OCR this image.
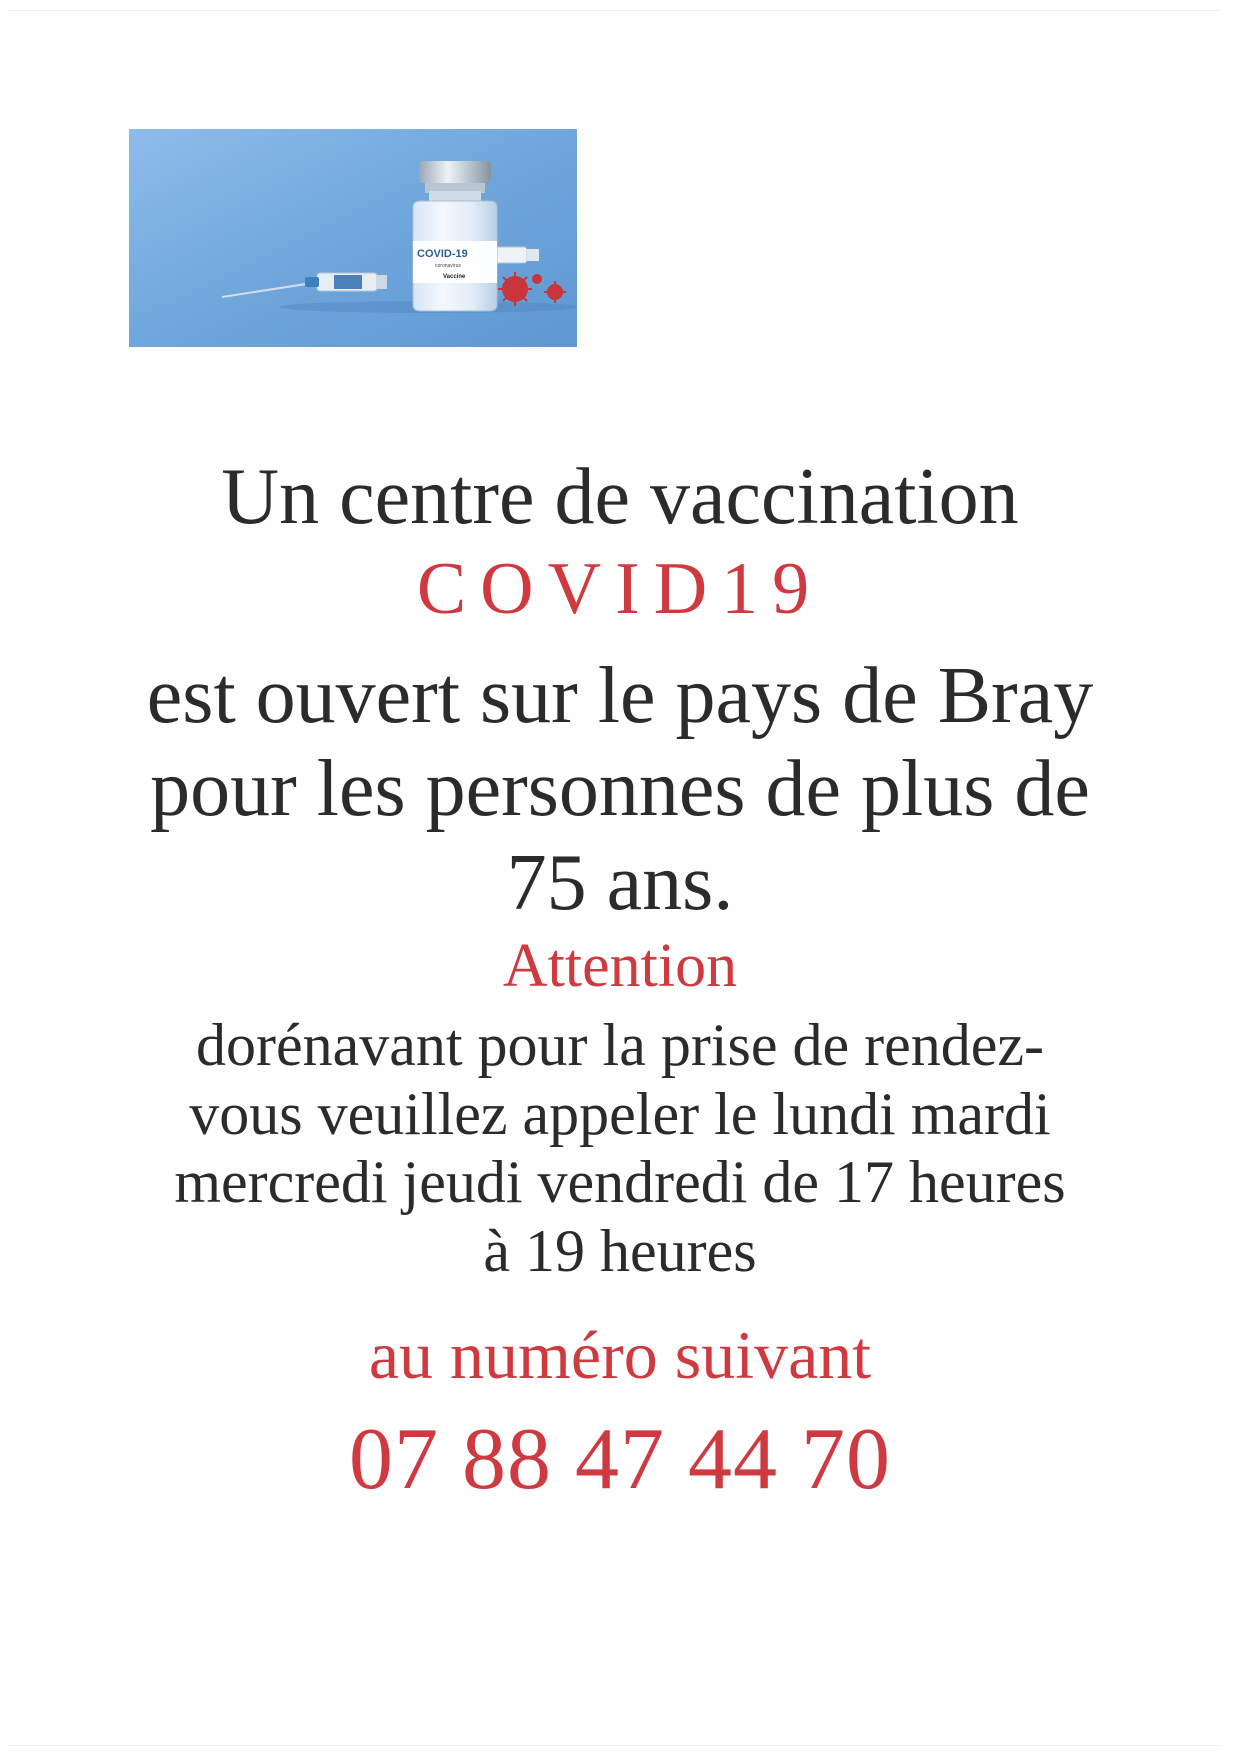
COVID-19
coronavirus
Vaccine
Un centre de vaccination
COVID19
est ouvert sur le pays de Bray
pour les personnes de plus de
75 ans.
Attention
dorénavant pour la prise de rendez-
vous veuillez appeler le lundi mardi
mercredi jeudi vendredi de 17 heures
à 19 heures
au numéro suivant
07 88 47 44 70
